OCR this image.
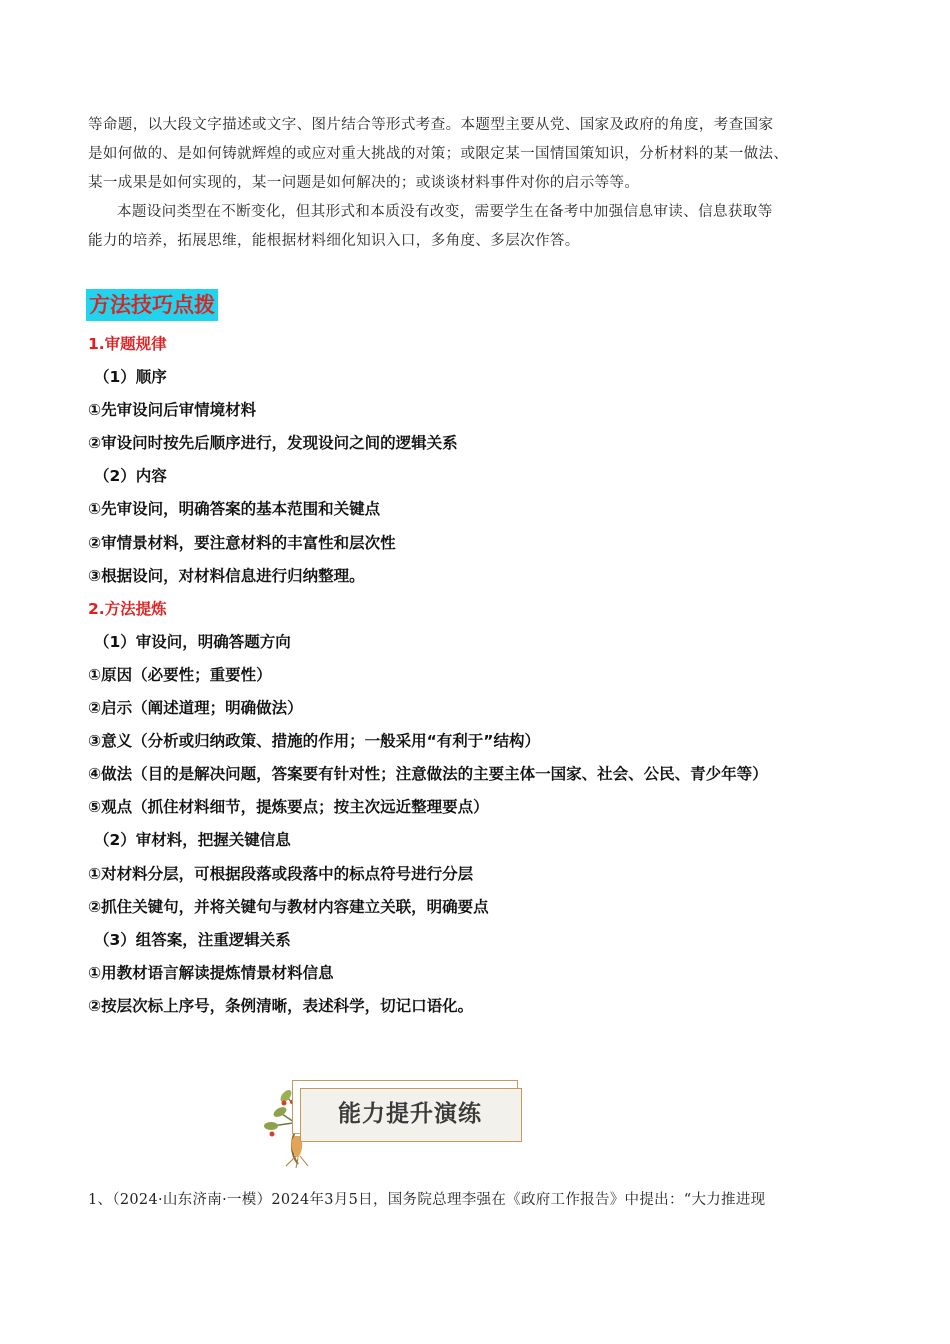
等命题，以大段文字描述或文字、图片结合等形式考查。本题型主要从党、国家及政府的角度，考查国家

是如何做的、是如何铸就辉煌的或应对重大挑战的对策；或限定某一国情国策知识，分析材料的某一做法、

某一成果是如何实现的，某一问题是如何解决的；或谈谈材料事件对你的启示等等。

本题设问类型在不断变化，但其形式和本质没有改变，需要学生在备考中加强信息审读、信息获取等

能力的培养，拓展思维，能根据材料细化知识入口，多角度、多层次作答。

方法技巧点拨
1.审题规律
（1）顺序
①先审设问后审情境材料
②审设问时按先后顺序进行，发现设问之间的逻辑关系
（2）内容
①先审设问，明确答案的基本范围和关键点
②审情景材料，要注意材料的丰富性和层次性
③根据设问，对材料信息进行归纳整理。
2.方法提炼
（1）审设问，明确答题方向
①原因（必要性；重要性）
②启示（阐述道理；明确做法）
③意义（分析或归纳政策、措施的作用；一般采用“有利于”结构）
④做法（目的是解决问题，答案要有针对性；注意做法的主要主体一国家、社会、公民、青少年等）
⑤观点（抓住材料细节，提炼要点；按主次远近整理要点）
（2）审材料，把握关键信息
①对材料分层，可根据段落或段落中的标点符号进行分层
②抓住关键句，并将关键句与教材内容建立关联，明确要点
（3）组答案，注重逻辑关系
①用教材语言解读提炼情景材料信息
②按层次标上序号，条例清晰，表述科学，切记口语化。
能力提升演练
1、（2024·山东济南·一模）2024年3月5日，国务院总理李强在《政府工作报告》中提出：“大力推进现
